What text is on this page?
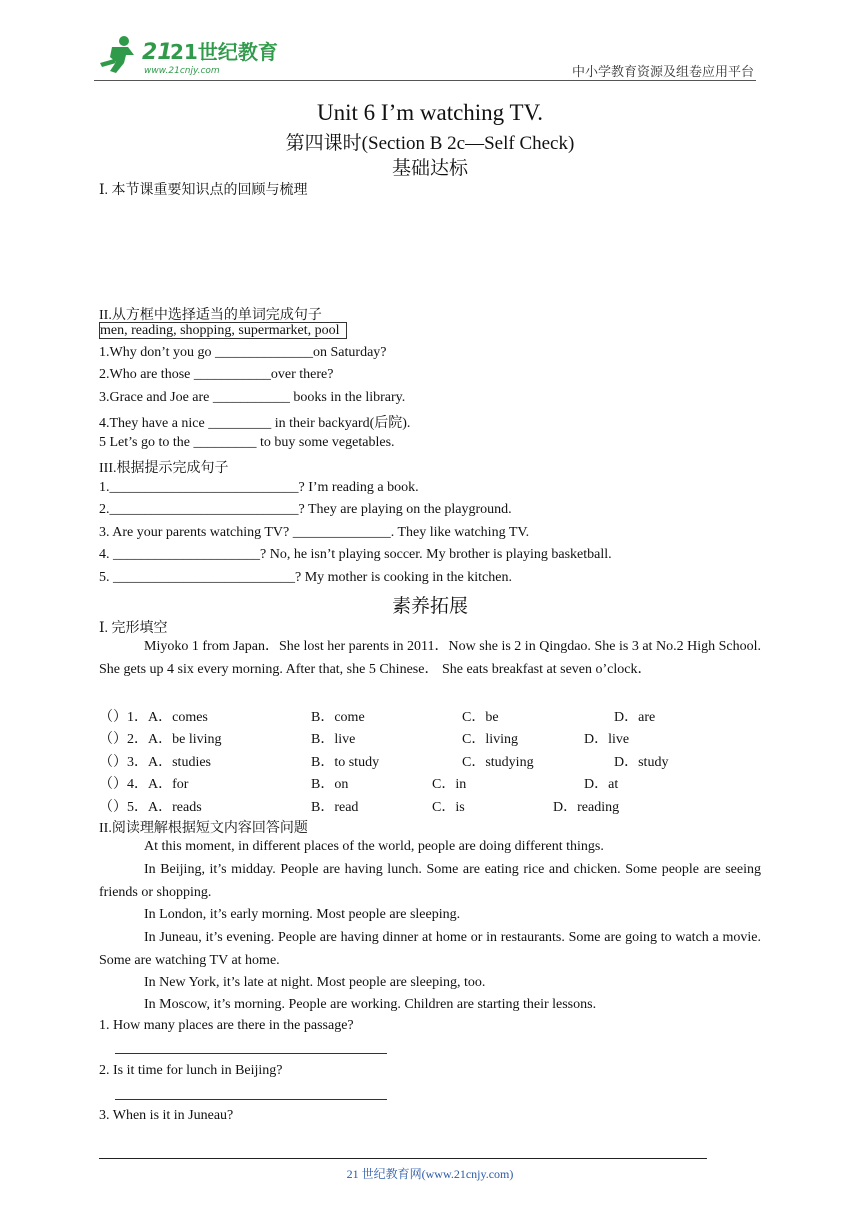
21
21世纪教育
www.21cnjy.com	中小学教育资源及组卷应用平台
Unit 6 I’m watching TV.
第四课时(Section B 2c—Self Check)
基础达标
Ⅰ. 本节课重要知识点的回顾与梳理
II.从方框中选择适当的单词完成句子
men, reading, shopping, supermarket, pool
1.Why don’t you go ______________on Saturday?
2.Who are those ___________over there?
3.Grace and Joe are ___________ books in the library.
4.They have a nice _________ in their backyard(后院).
5 Let’s go to the _________ to buy some vegetables.
III.根据提示完成句子
1.___________________________? I’m reading a book.
2.___________________________? They are playing on the playground.
3. Are your parents watching TV? ______________. They like watching TV.
4. _____________________? No, he isn’t playing soccer. My brother is playing basketball.
5. __________________________? My mother is cooking in the kitchen.
素养拓展
Ⅰ. 完形填空
Miyoko 1 from Japan．She lost her parents in 2011．Now she is 2 in Qingdao. She is 3 at No.2 High School. She gets up 4 six every morning. After that, she 5 Chinese． She eats breakfast at seven o’clock．
（）1．A．comes	B．come	C．be	D．are
（）2．A．be living	B．live	C．living	D．live
（）3．A．studies	B．to study	C．studying	D．study
（）4．A．for	B．on	C．in	D．at
（）5．A．reads	B．read	C．is	D．reading
II.阅读理解根据短文内容回答问题
At this moment, in different places of the world, people are doing different things.
In Beijing, it’s midday. People are having lunch. Some are eating rice and chicken. Some people are seeing friends or shopping.
In London, it’s early morning. Most people are sleeping.
In Juneau, it’s evening. People are having dinner at home or in restaurants. Some are going to watch a movie. Some are watching TV at home.
In New York, it’s late at night. Most people are sleeping, too.
In Moscow, it’s morning. People are working. Children are starting their lessons.
1. How many places are there in the passage?
2. Is it time for lunch in Beijing?
3. When is it in Juneau?
21 世纪教育网(www.21cnjy.com)
